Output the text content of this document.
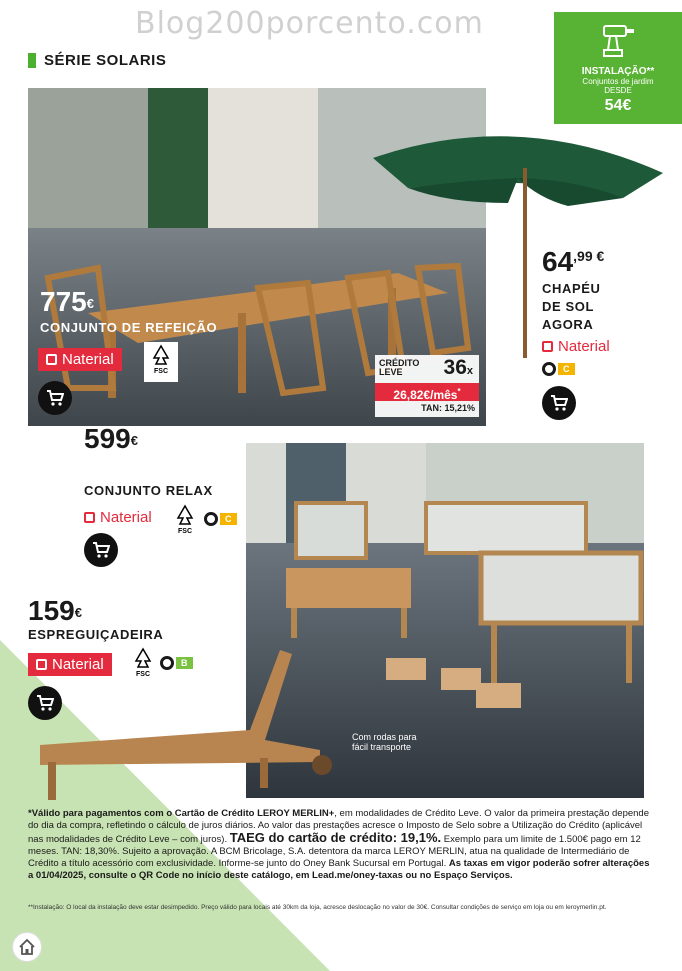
Blog200porcento.com
SÉRIE SOLARIS
INSTALAÇÃO**
Conjuntos de jardim
DESDE
54€
775€
CONJUNTO DE REFEIÇÃO
Naterial
FSC
CRÉDITO
LEVE	36x
26,82€/mês*
TAN: 15,21%
64,99 €
CHAPÉU
DE SOL
AGORA
Naterial
C
Com rodas para fácil transporte
599€
CONJUNTO RELAX
Naterial
FSC
C
159€
ESPREGUIÇADEIRA
Naterial
FSC
B
*Válido para pagamentos com o Cartão de Crédito LEROY MERLIN+, em modalidades de Crédito Leve. O valor da primeira prestação depende do dia da compra, refletindo o cálculo de juros diários. Ao valor das prestações acresce o Imposto de Selo sobre a Utilização do Crédito (aplicável nas modalidades de Crédito Leve – com juros). TAEG do cartão de crédito: 19,1%. Exemplo para um limite de 1.500€ pago em 12 meses. TAN: 18,30%. Sujeito a aprovação. A BCM Bricolage, S.A. detentora da marca LEROY MERLIN, atua na qualidade de Intermediário de Crédito a título acessório com exclusividade. Informe-se junto do Oney Bank Sucursal em Portugal. As taxas em vigor poderão sofrer alterações a 01/04/2025, consulte o QR Code no início deste catálogo, em Lead.me/oney-taxas ou no Espaço Serviços.
**Instalação: O local da instalação deve estar desimpedido. Preço válido para locais até 30km da loja, acresce deslocação no valor de 30€. Consultar condições de serviço em loja ou em leroymerlin.pt.
